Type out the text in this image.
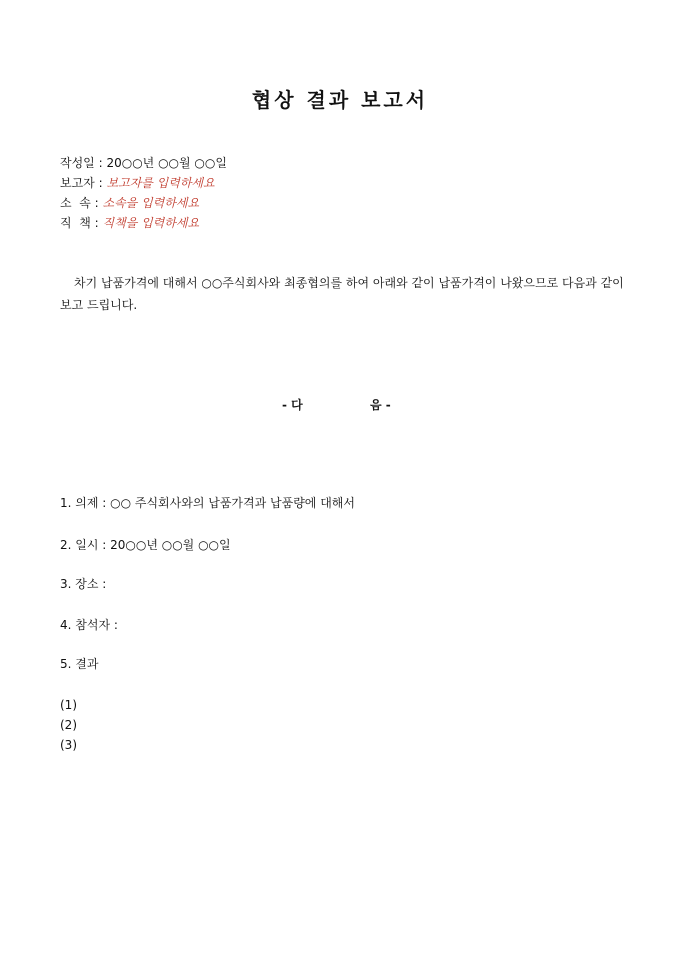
협상 결과 보고서
작성일 : 20○○년 ○○월 ○○일
보고자 : 보고자를 입력하세요
소  속 : 소속을 입력하세요
직  책 : 직책을 입력하세요
차기 납품가격에 대해서 ○○주식회사와 최종협의를 하여 아래와 같이 납품가격이 나왔으므로 다음과 같이 보고 드립니다.
- 다	음 -
1. 의제 : ○○ 주식회사와의 납품가격과 납품량에 대해서
2. 일시 : 20○○년 ○○월 ○○일
3. 장소 :
4. 참석자 :
5. 결과
(1)
(2)
(3)
